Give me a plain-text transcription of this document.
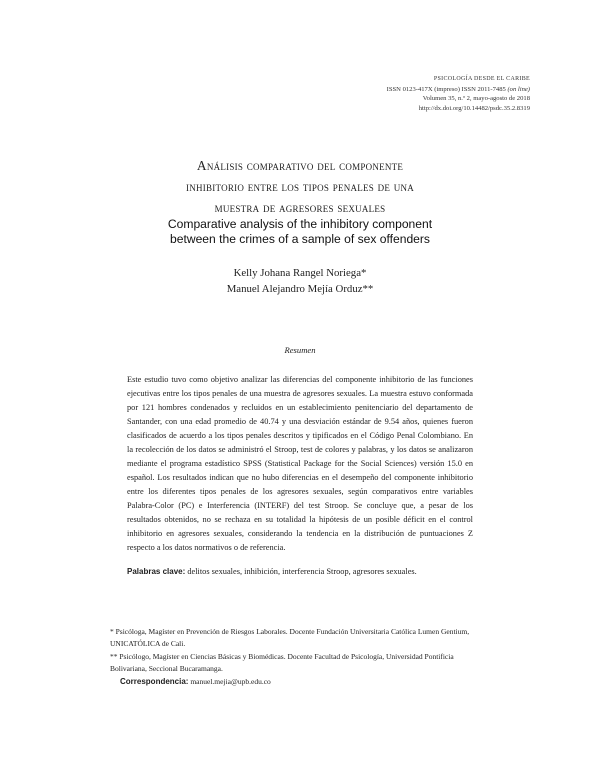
PSICOLOGÍA DESDE EL CARIBE
ISSN 0123-417X (impreso) ISSN 2011-7485 (on line)
Volumen 35, n.º 2, mayo-agosto de 2018
http://dx.doi.org/10.14482/psdc.35.2.8319
Análisis comparativo del componente
inhibitorio entre los tipos penales de una
muestra de agresores sexuales
Comparative analysis of the inhibitory component
between the crimes of a sample of sex offenders
Kelly Johana Rangel Noriega*
Manuel Alejandro Mejía Orduz**
Resumen
Este estudio tuvo como objetivo analizar las diferencias del componente inhibitorio de las funciones ejecutivas entre los tipos penales de una muestra de agresores sexuales. La muestra estuvo conformada por 121 hombres condenados y recluidos en un establecimiento penitenciario del departamento de Santander, con una edad promedio de 40.74 y una desviación estándar de 9.54 años, quienes fueron clasificados de acuerdo a los tipos penales descritos y tipificados en el Código Penal Colombiano. En la recolección de los datos se administró el Stroop, test de colores y palabras, y los datos se analizaron mediante el programa estadístico SPSS (Statistical Package for the Social Sciences) versión 15.0 en español. Los resultados indican que no hubo diferencias en el desempeño del componente inhibitorio entre los diferentes tipos penales de los agresores sexuales, según comparativos entre variables Palabra-Color (PC) e Interferencia (INTERF) del test Stroop. Se concluye que, a pesar de los resultados obtenidos, no se rechaza en su totalidad la hipótesis de un posible déficit en el control inhibitorio en agresores sexuales, considerando la tendencia en la distribución de puntuaciones Z respecto a los datos normativos o de referencia.
Palabras clave: delitos sexuales, inhibición, interferencia Stroop, agresores sexuales.
* Psicóloga, Magíster en Prevención de Riesgos Laborales. Docente Fundación Universitaria Católica Lumen Gentium, UNICATÓLICA de Cali.
** Psicólogo, Magíster en Ciencias Básicas y Biomédicas. Docente Facultad de Psicología, Universidad Pontificia Bolivariana, Seccional Bucaramanga.
Correspondencia: manuel.mejia@upb.edu.co
